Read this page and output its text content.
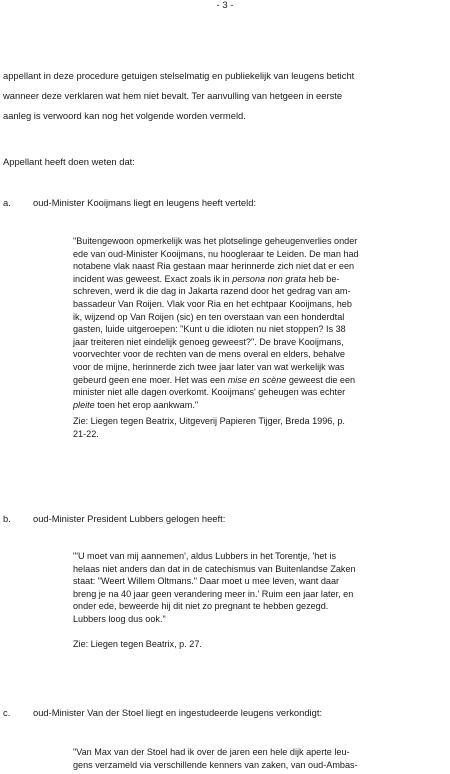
- 3 -
appellant in deze procedure getuigen stelselmatig en publiekelijk van leugens beticht
wanneer deze verklaren wat hem niet bevalt. Ter aanvulling van hetgeen in eerste
aanleg is verwoord kan nog het volgende worden vermeld.
Appellant heeft doen weten dat:
a. oud-Minister Kooijmans liegt en leugens heeft verteld:
"Buitengewoon opmerkelijk was het plotselinge geheugenverlies onder
ede van oud-Minister Kooijmans, nu hoogleraar te Leiden. De man had
notabene vlak naast Ria gestaan maar herinnerde zich niet dat er een
incident was geweest. Exact zoals ik in persona non grata heb be-
schreven, werd ik die dag in Jakarta razend door het gedrag van am-
bassadeur Van Roijen. Vlak voor Ria en het echtpaar Kooijmans, heb
ik, wijzend op Van Roijen (sic) en ten overstaan van een honderdtal
gasten, luide uitgeroepen: "Kunt u die idioten nu niet stoppen? Is 38
jaar treiteren niet eindelijk genoeg geweest?". De brave Kooijmans,
voorvechter voor de rechten van de mens overal en elders, behalve
voor de mijne, herinnerde zich twee jaar later van wat werkelijk was
gebeurd geen ene moer. Het was een mise en scène geweest die een
minister niet alle dagen overkomt. Kooijmans' geheugen was echter
pleite toen het erop aankwam."
Zie: Liegen tegen Beatrix, Uitgeverij Papieren Tijger, Breda 1996, p.
21-22.
b. oud-Minister President Lubbers gelogen heeft:
"'U moet van mij aannemen', aldus Lubbers in het Torentje, 'het is
helaas niet anders dan dat in de catechismus van Buitenlandse Zaken
staat: "Weert Willem Oltmans." Daar moet u mee leven, want daar
breng je na 40 jaar geen verandering meer in.' Ruim een jaar later, en
onder ede, beweerde hij dit niet zo pregnant te hebben gezegd.
Lubbers loog dus ook."
Zie: Liegen tegen Beatrix, p. 27.
c. oud-Minister Van der Stoel liegt en ingestudeerde leugens verkondigt:
"Van Max van der Stoel had ik over de jaren een hele dijk aperte leu-
gens verzameld via verschillende kenners van zaken, van oud-Ambas-
